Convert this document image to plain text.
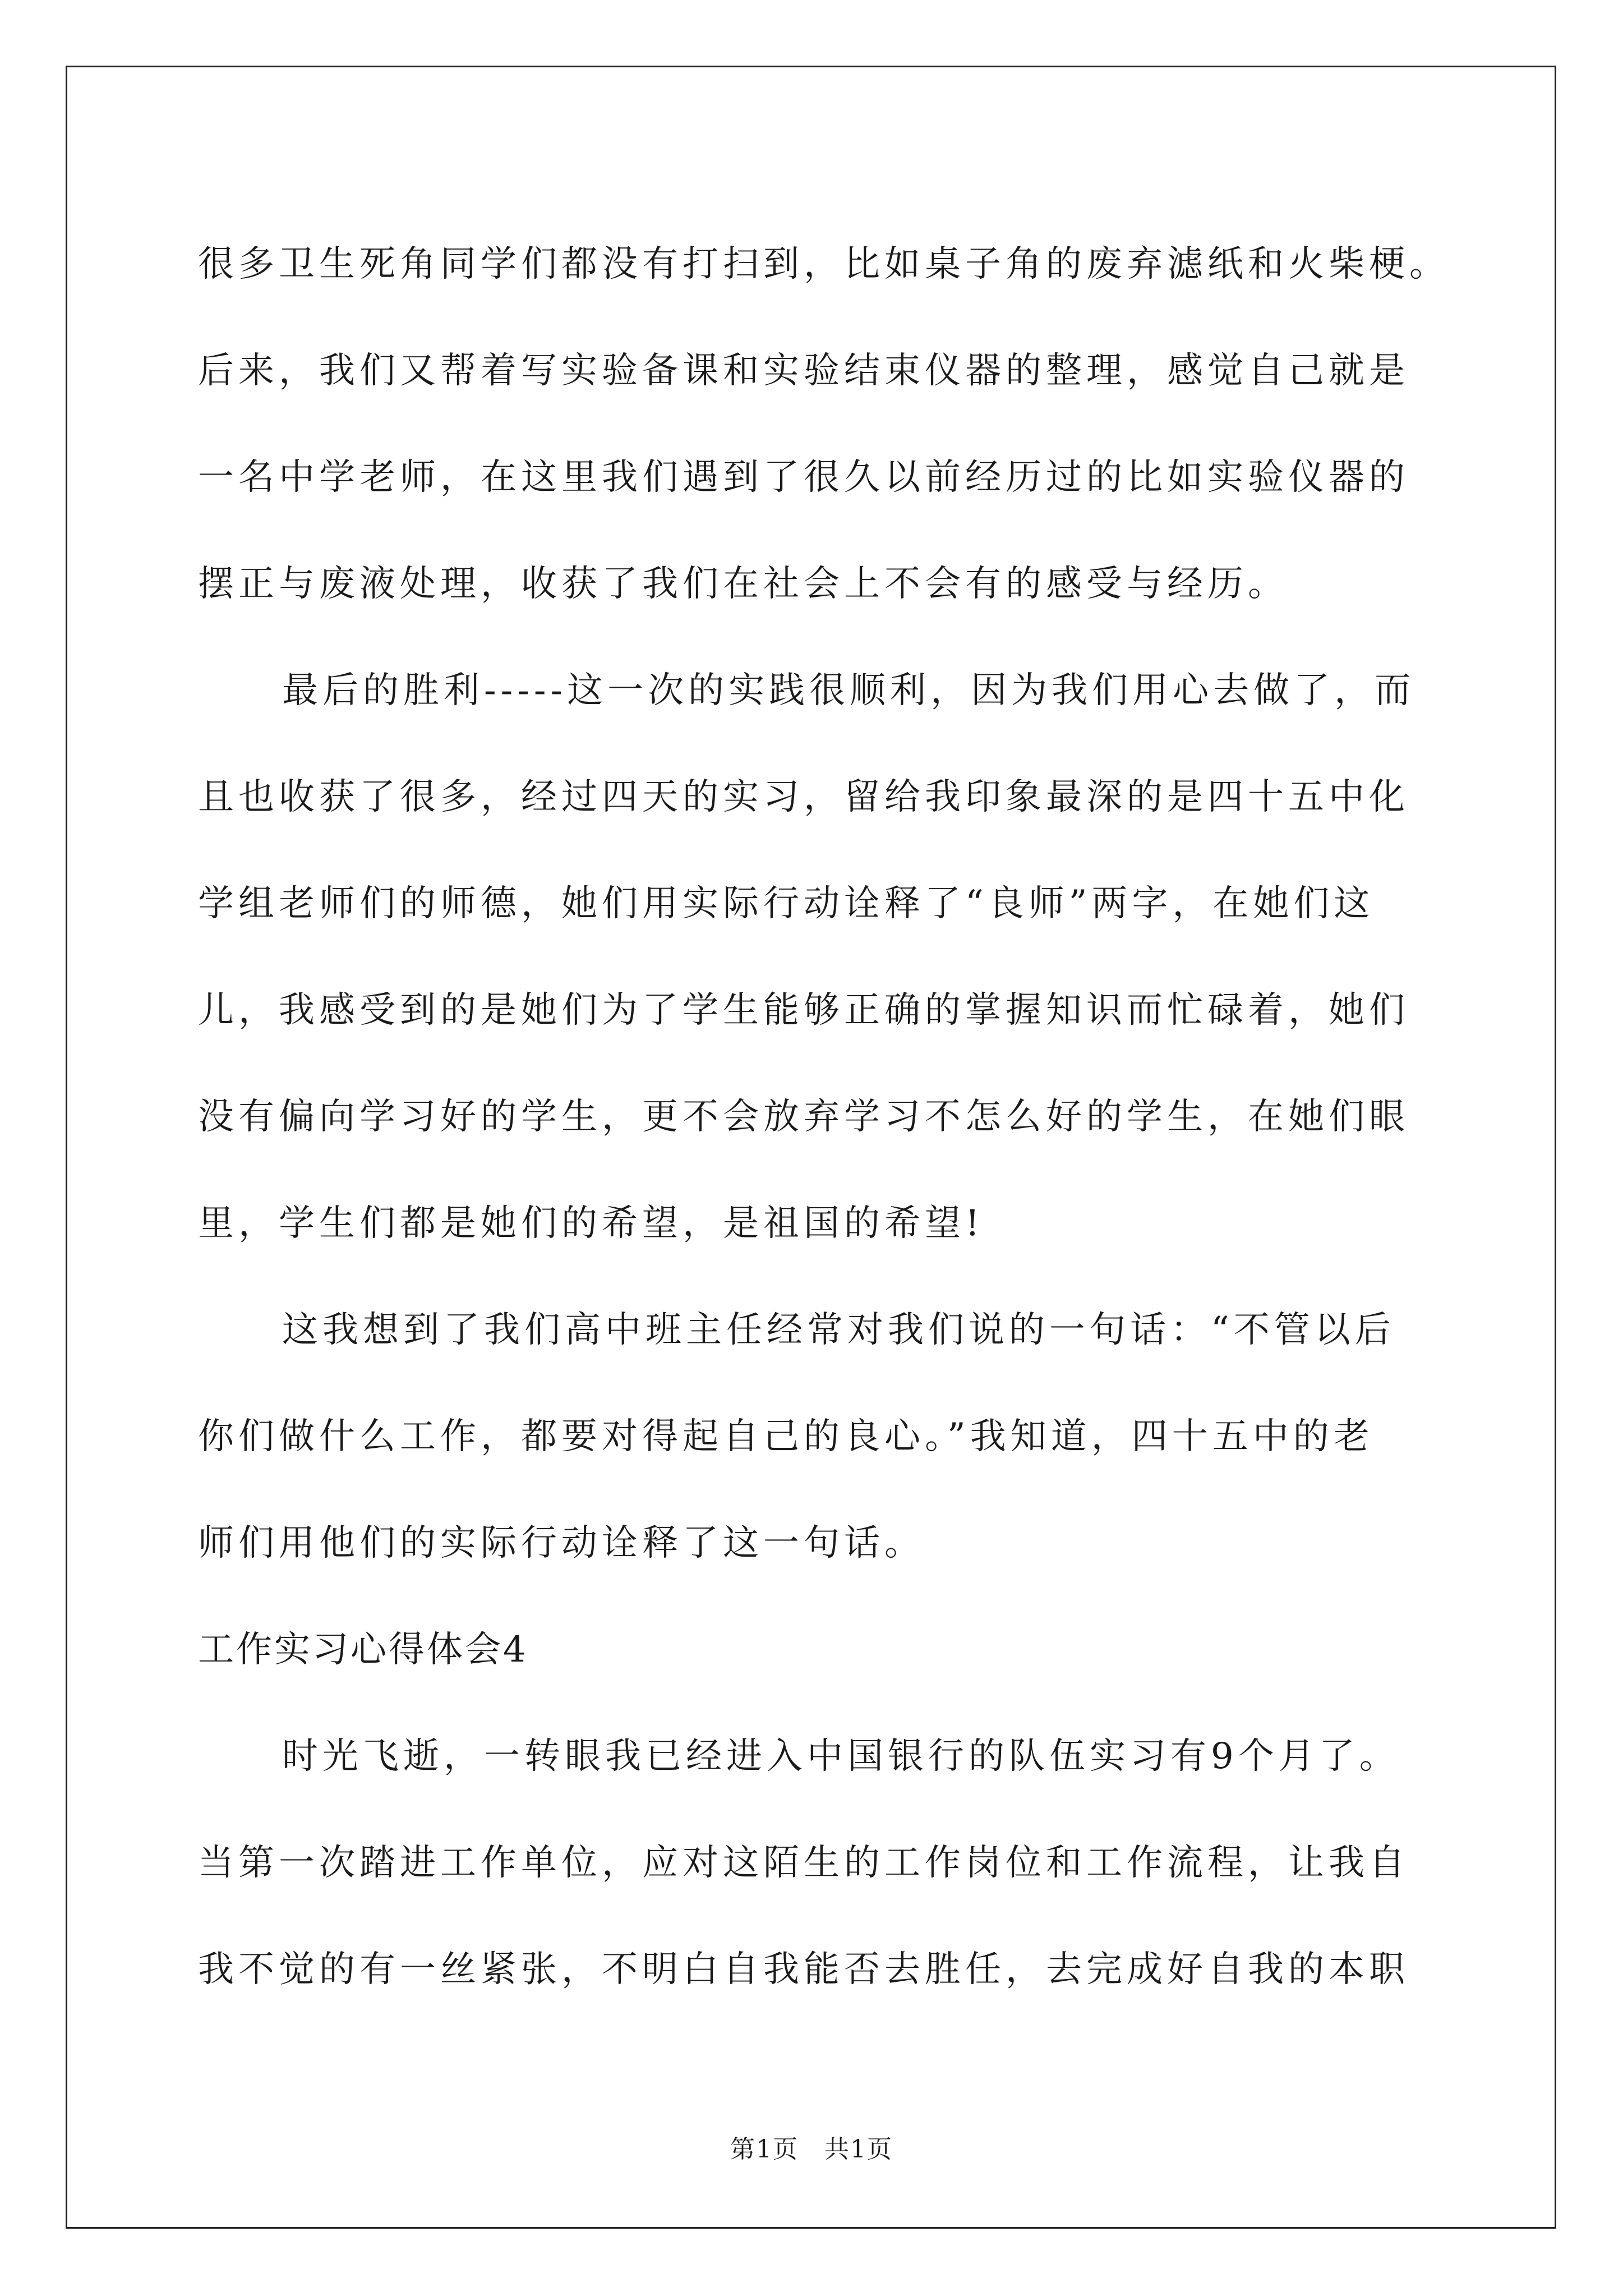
很多卫生死角同学们都没有打扫到，比如桌子角的废弃滤纸和火柴梗。
后来，我们又帮着写实验备课和实验结束仪器的整理，感觉自己就是
一名中学老师，在这里我们遇到了很久以前经历过的比如实验仪器的
摆正与废液处理，收获了我们在社会上不会有的感受与经历。
最后的胜利-----这一次的实践很顺利，因为我们用心去做了，而
且也收获了很多，经过四天的实习，留给我印象最深的是四十五中化
学组老师们的师德，她们用实际行动诠释了“良师”两字，在她们这
儿，我感受到的是她们为了学生能够正确的掌握知识而忙碌着，她们
没有偏向学习好的学生，更不会放弃学习不怎么好的学生，在她们眼
里，学生们都是她们的希望，是祖国的希望!
这我想到了我们高中班主任经常对我们说的一句话：“不管以后
你们做什么工作，都要对得起自己的良心。”我知道，四十五中的老
师们用他们的实际行动诠释了这一句话。
工作实习心得体会4
时光飞逝，一转眼我已经进入中国银行的队伍实习有9个月了。
当第一次踏进工作单位，应对这陌生的工作岗位和工作流程，让我自
我不觉的有一丝紧张，不明白自我能否去胜任，去完成好自我的本职
第1页　共1页
